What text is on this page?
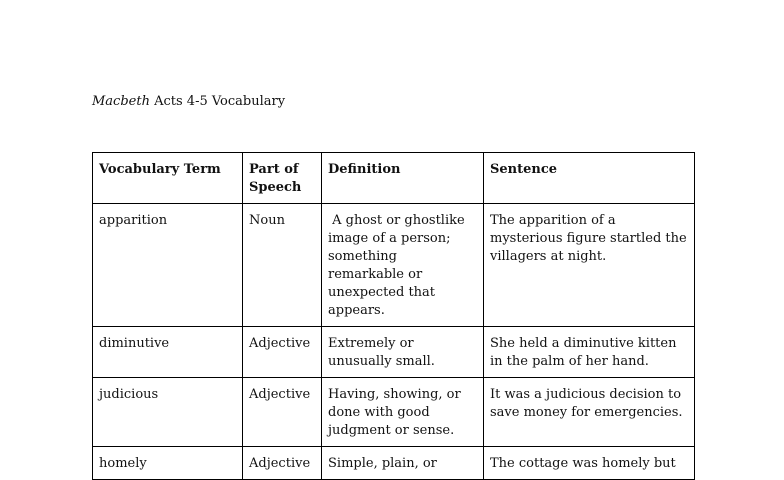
Macbeth Acts 4-5 Vocabulary
Vocabulary Term	Part of Speech	Definition	Sentence
apparition	Noun	A ghost or ghostlike image of a person; something remarkable or unexpected that appears.	The apparition of a mysterious figure startled the villagers at night.
diminutive	Adjective	Extremely or unusually small.	She held a diminutive kitten in the palm of her hand.
judicious	Adjective	Having, showing, or done with good judgment or sense.	It was a judicious decision to save money for emergencies.
homely	Adjective	Simple, plain, or	The cottage was homely but
